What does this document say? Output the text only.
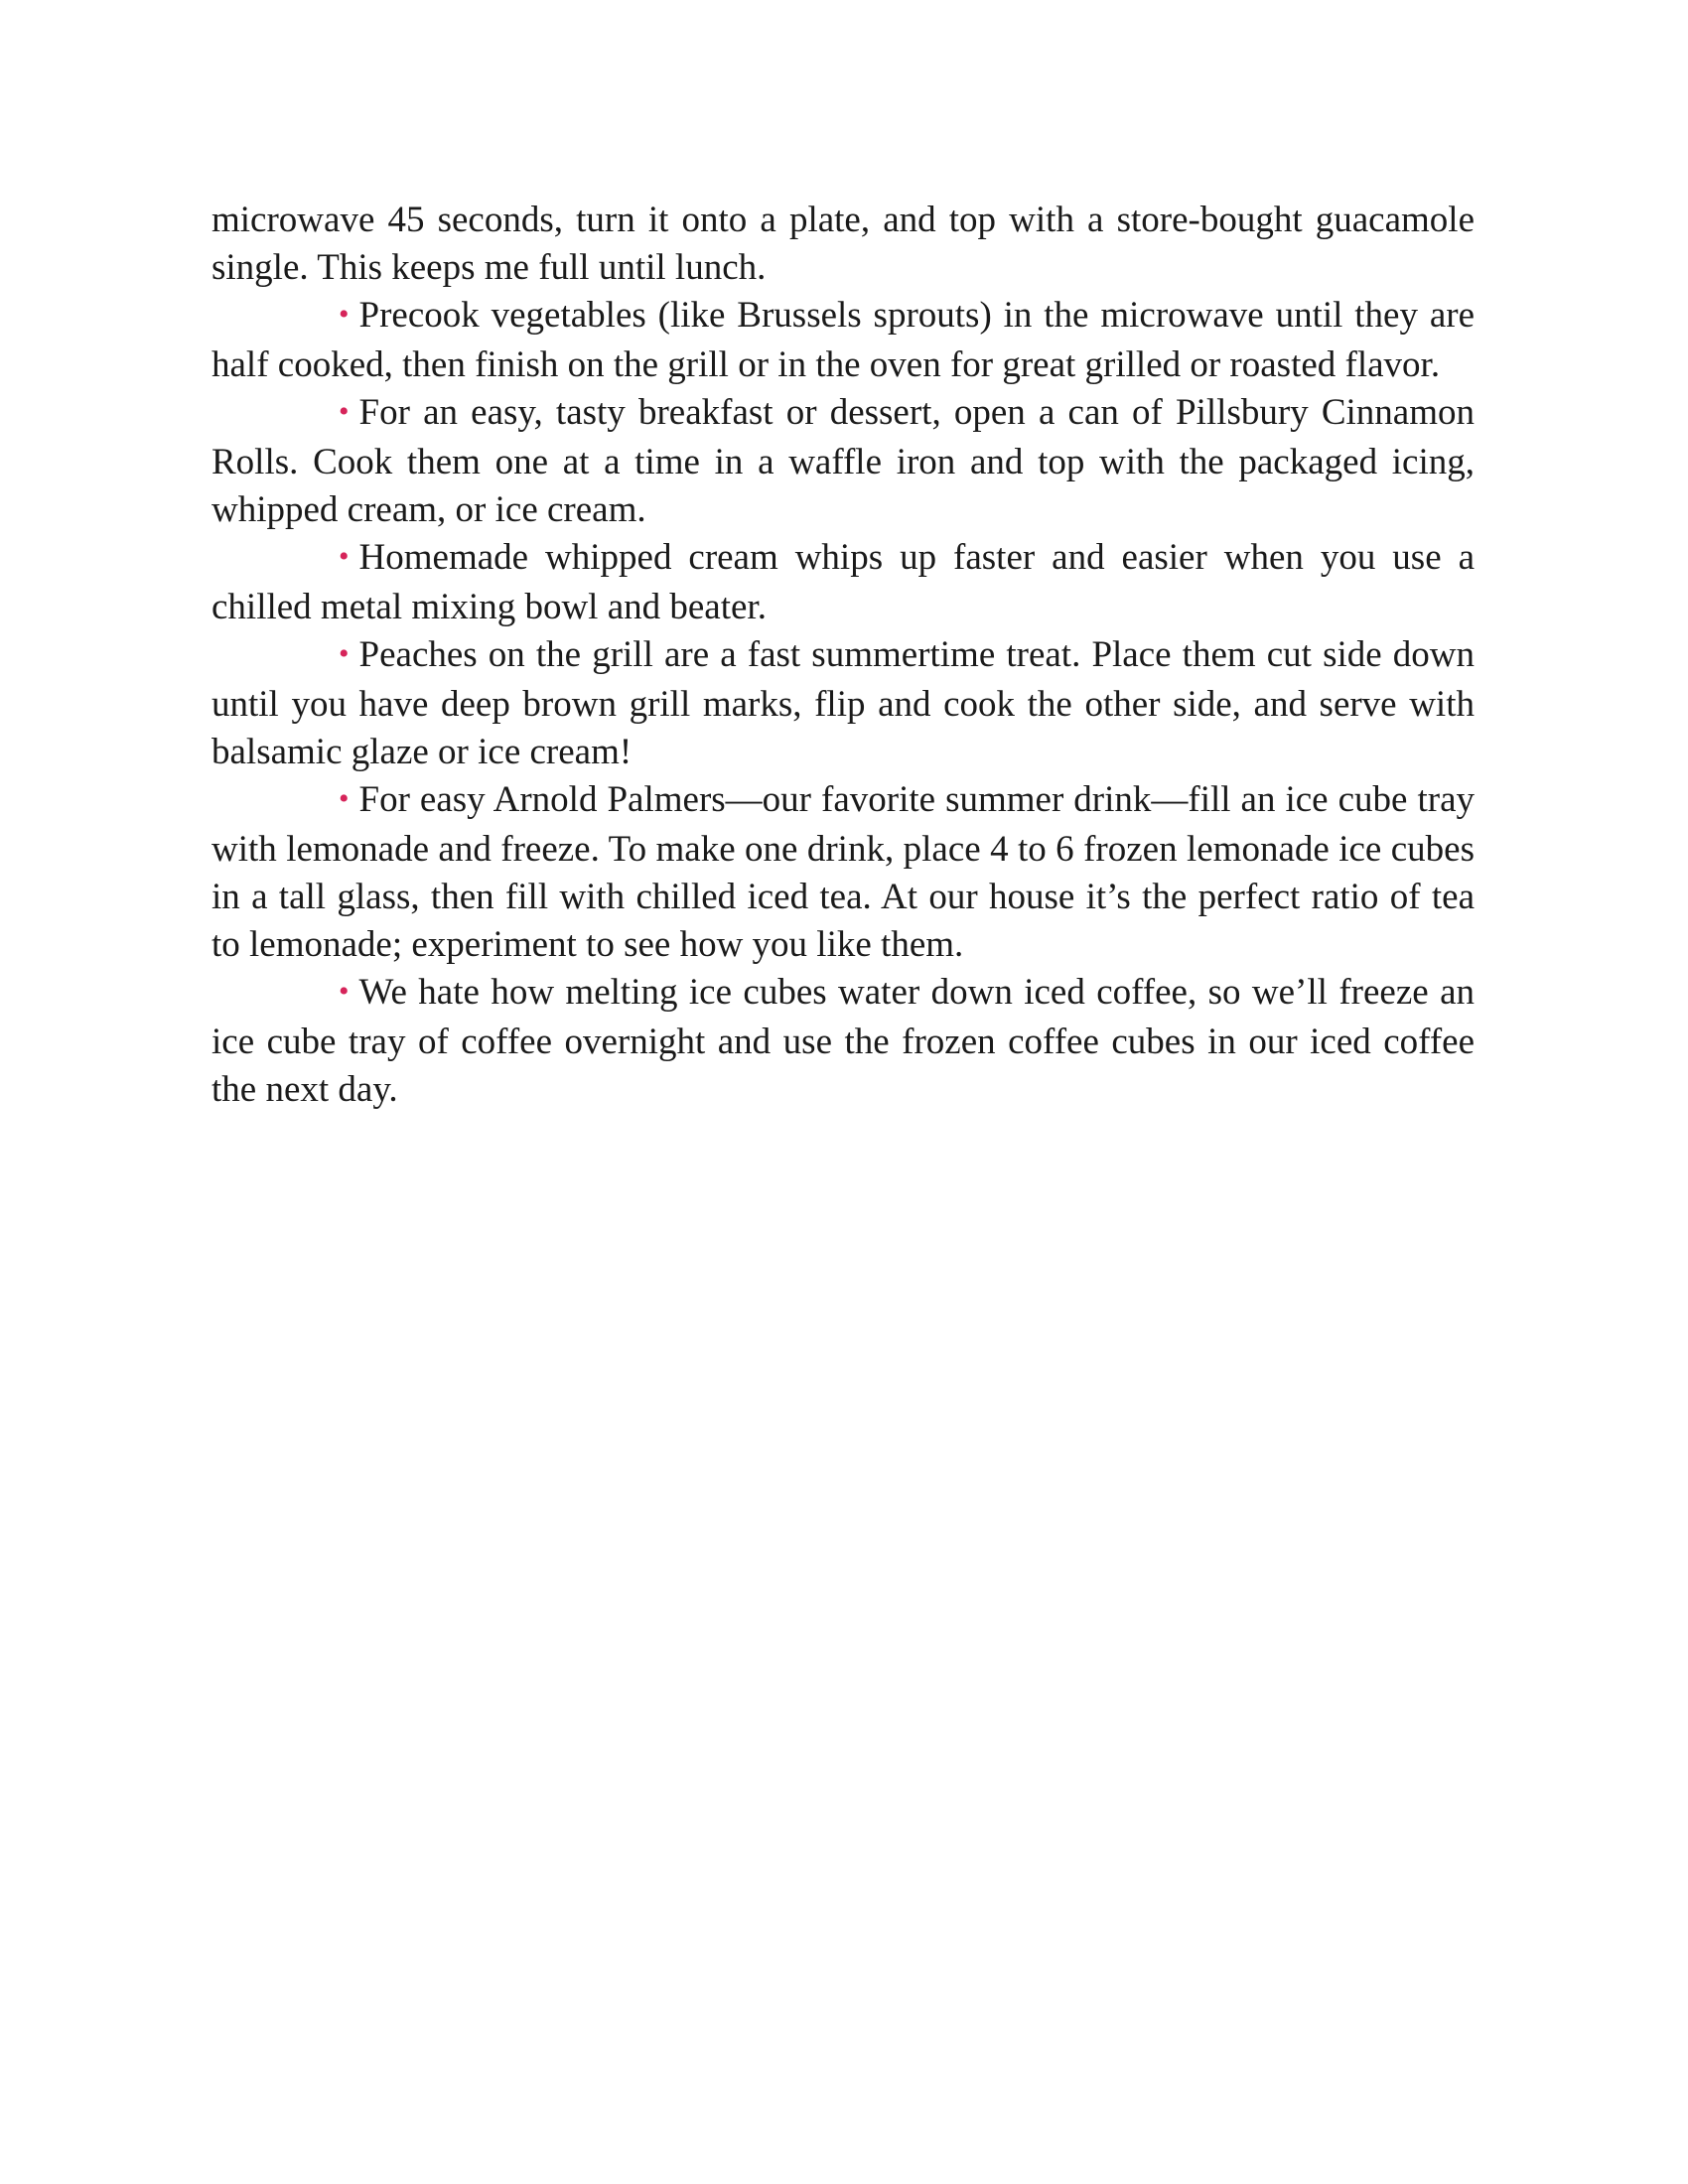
microwave 45 seconds, turn it onto a plate, and top with a store-bought guacamole single. This keeps me full until lunch.

• Precook vegetables (like Brussels sprouts) in the microwave until they are half cooked, then finish on the grill or in the oven for great grilled or roasted flavor.

• For an easy, tasty breakfast or dessert, open a can of Pillsbury Cinnamon Rolls. Cook them one at a time in a waffle iron and top with the packaged icing, whipped cream, or ice cream.

• Homemade whipped cream whips up faster and easier when you use a chilled metal mixing bowl and beater.

• Peaches on the grill are a fast summertime treat. Place them cut side down until you have deep brown grill marks, flip and cook the other side, and serve with balsamic glaze or ice cream!

• For easy Arnold Palmers—our favorite summer drink—fill an ice cube tray with lemonade and freeze. To make one drink, place 4 to 6 frozen lemonade ice cubes in a tall glass, then fill with chilled iced tea. At our house it’s the perfect ratio of tea to lemonade; experiment to see how you like them.

• We hate how melting ice cubes water down iced coffee, so we’ll freeze an ice cube tray of coffee overnight and use the frozen coffee cubes in our iced coffee the next day.
